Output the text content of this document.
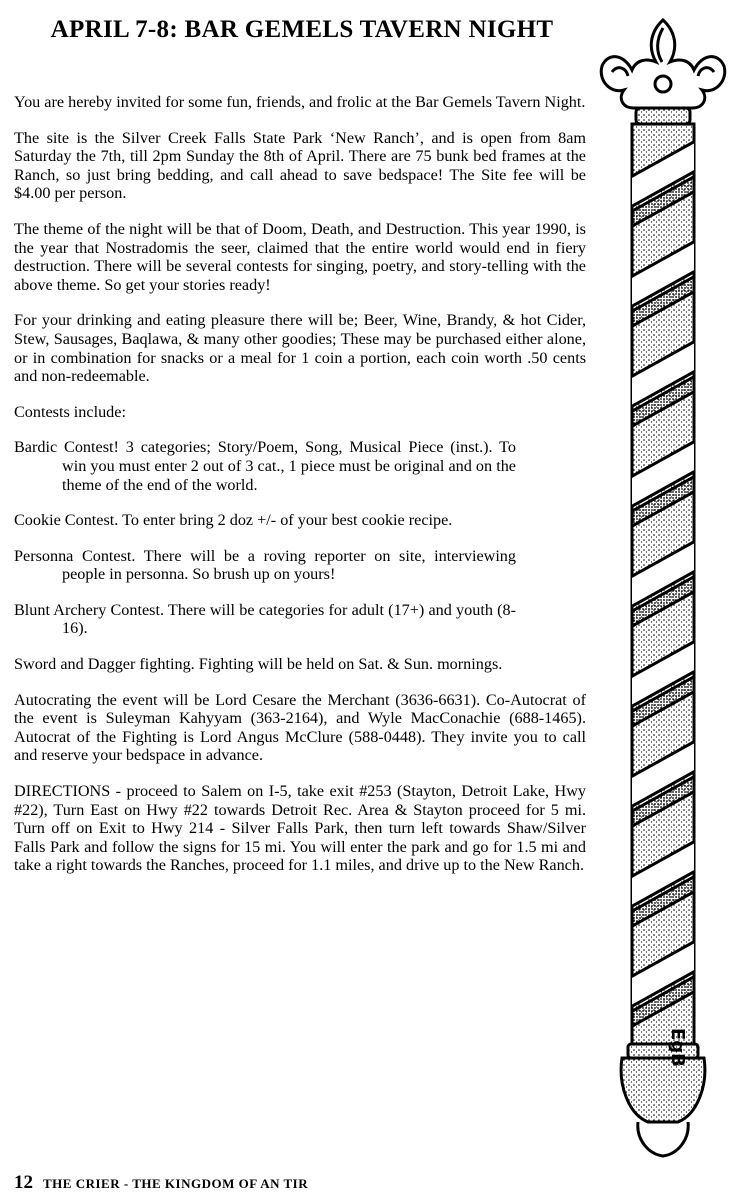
APRIL 7-8: BAR GEMELS TAVERN NIGHT

You are hereby invited for some fun, friends, and frolic at the Bar Gemels Tavern Night.

The site is the Silver Creek Falls State Park ‘New Ranch’, and is open from 8am Saturday the 7th, till 2pm Sunday the 8th of April. There are 75 bunk bed frames at the Ranch, so just bring bedding, and call ahead to save bedspace! The Site fee will be $4.00 per person.

The theme of the night will be that of Doom, Death, and Destruction. This year 1990, is the year that Nostradomis the seer, claimed that the entire world would end in fiery destruction. There will be several contests for singing, poetry, and story-telling with the above theme. So get your stories ready!

For your drinking and eating pleasure there will be; Beer, Wine, Brandy, & hot Cider, Stew, Sausages, Baqlawa, & many other goodies; These may be purchased either alone, or in combination for snacks or a meal for 1 coin a portion, each coin worth .50 cents and non-redeemable.

Contests include:

Bardic Contest! 3 categories; Story/Poem, Song, Musical Piece (inst.). To win you must enter 2 out of 3 cat., 1 piece must be original and on the theme of the end of the world.

Cookie Contest. To enter bring 2 doz +/- of your best cookie recipe.

Personna Contest. There will be a roving reporter on site, interviewing people in personna. So brush up on yours!

Blunt Archery Contest. There will be categories for adult (17+) and youth (8-16).

Sword and Dagger fighting. Fighting will be held on Sat. & Sun. mornings.

Autocrating the event will be Lord Cesare the Merchant (3636-6631). Co-Autocrat of the event is Suleyman Kahyyam (363-2164), and Wyle MacConachie (688-1465). Autocrat of the Fighting is Lord Angus McClure (588-0448). They invite you to call and reserve your bedspace in advance.

DIRECTIONS - proceed to Salem on I-5, take exit #253 (Stayton, Detroit Lake, Hwy #22), Turn East on Hwy #22 towards Detroit Rec. Area & Stayton proceed for 5 mi. Turn off on Exit to Hwy 214 - Silver Falls Park, then turn left towards Shaw/Silver Falls Park and follow the signs for 15 mi. You will enter the park and go for 1.5 mi and take a right towards the Ranches, proceed for 1.1 miles, and drive up to the New Ranch.

12 THE CRIER - THE KINGDOM OF AN TIR
EgB
